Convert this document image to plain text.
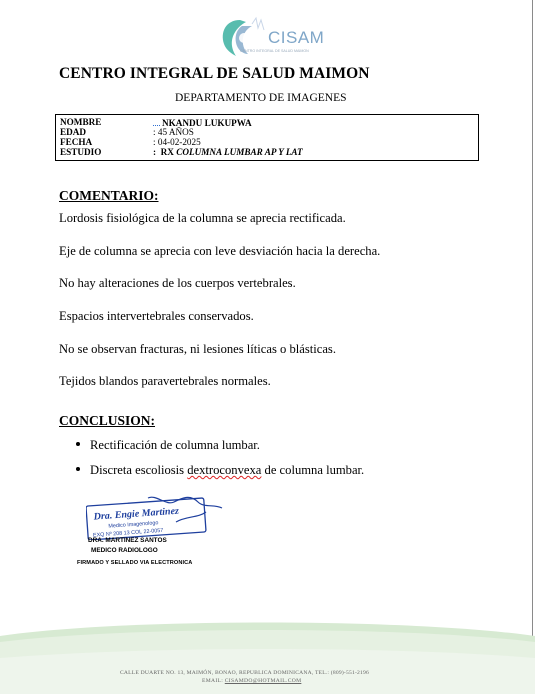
CISAM
CENTRO INTEGRAL DE SALUD MAIMON
CENTRO INTEGRAL DE SALUD MAIMON
DEPARTAMENTO DE IMAGENES
NOMBRE	NKANDU LUKUPWA
EDAD	: 45 AÑOS
FECHA	: 04-02-2025
ESTUDIO	:  RX COLUMNA LUMBAR AP Y LAT
COMENTARIO:
Lordosis fisiológica de la columna se aprecia rectificada.
Eje de columna se aprecia con leve desviación hacia la derecha.
No hay alteraciones de los cuerpos vertebrales.
Espacios intervertebrales conservados.
No se observan fracturas, ni lesiones líticas o blásticas.
Tejidos blandos paravertebrales normales.
CONCLUSION:
Rectificación de columna lumbar.
Discreta escoliosis dextroconvexa de columna lumbar.
Dra. Engie Martinez
Medico Imagenologo
EXQ Nº 208 13 COL 22-0057
DRA. MARTINEZ SANTOS
MEDICO RADIOLOGO
FIRMADO Y SELLADO VIA ELECTRONICA
CALLE DUARTE NO. 13, MAIMÓN, BONAO, REPUBLICA DOMINICANA, TEL.: (809)-551-2196
EMAIL: CISAMDO@HOTMAIL.COM
